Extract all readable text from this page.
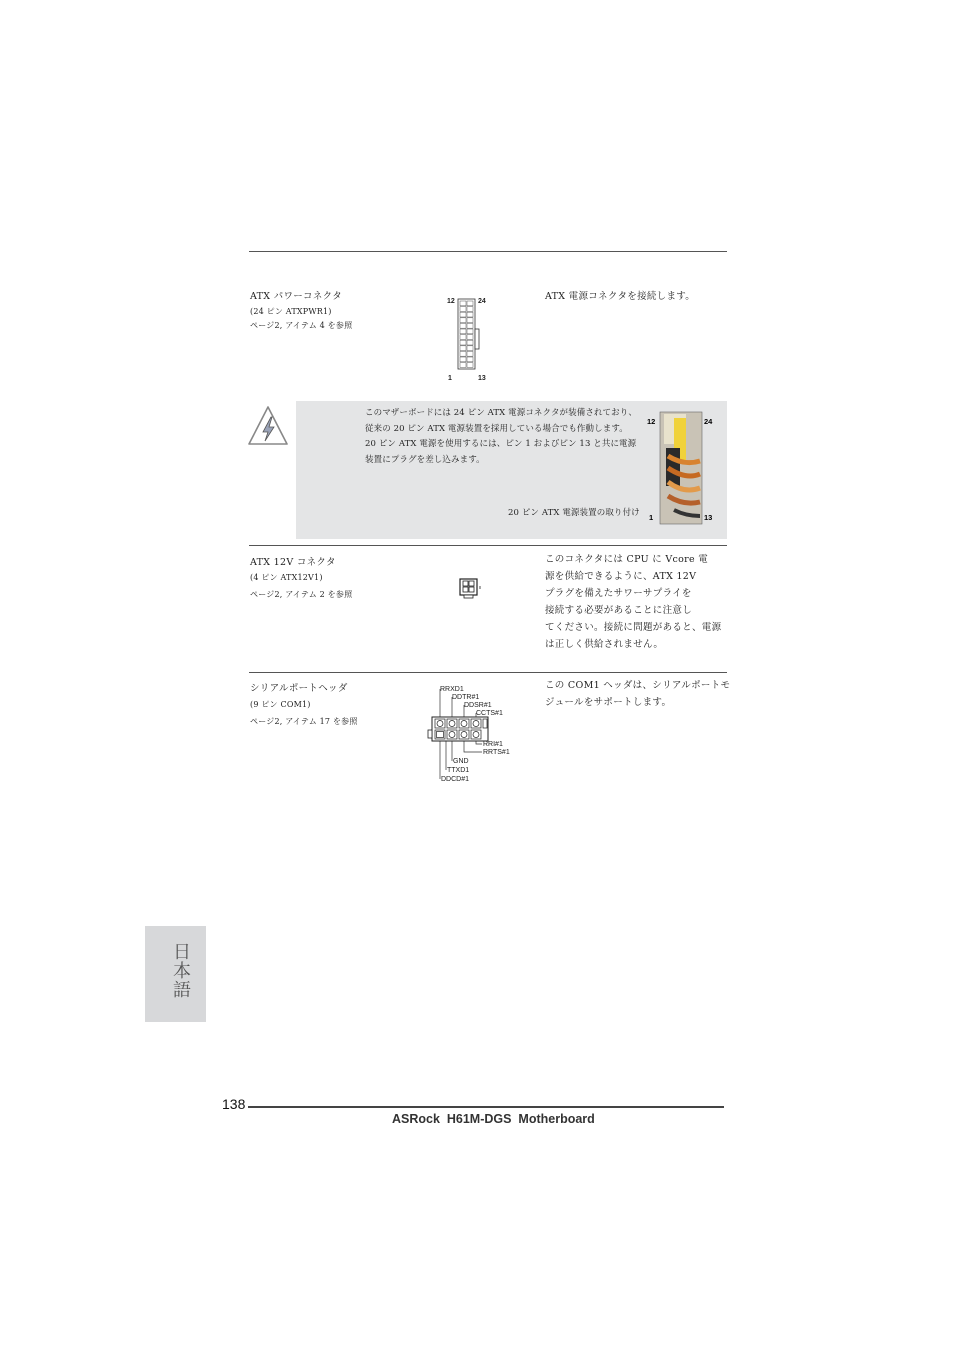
ATX パワーコネクタ
(24 ピン ATXPWR1)
ページ2, アイテム 4 を参照
ATX 電源コネクタを接続します。
12	24
1	13
このマザーボードには 24 ピン ATX 電源コネクタが装備されており、
従来の 20 ピン ATX 電源装置を採用している場合でも作動します。
20 ピン ATX 電源を使用するには、ピン 1 およびピン 13 と共に電源
装置にプラグを差し込みます。
20 ピン ATX 電源装置の取り付け
12	24
1	13
ATX 12V コネクタ
(4 ピン ATX12V1)
ページ2, アイテム 2 を参照
このコネクタには CPU に Vcore 電
源を供給できるように、ATX 12V
プラグを備えたサワーサプライを
接続する必要があることに注意し
てください。接続に問題があると、電源
は正しく供給されません。
シリアルポートヘッダ
(9 ピン COM1)
ページ2, アイテム 17 を参照
この COM1 ヘッダは、シリアルポートモ
ジュールをサポートします。
RRXD1
DDTR#1
DDSR#1
CCTS#1
RRI#1
RRTS#1
GND
TTXD1
DDCD#1
日本語
138
ASRock  H61M-DGS  Motherboard
